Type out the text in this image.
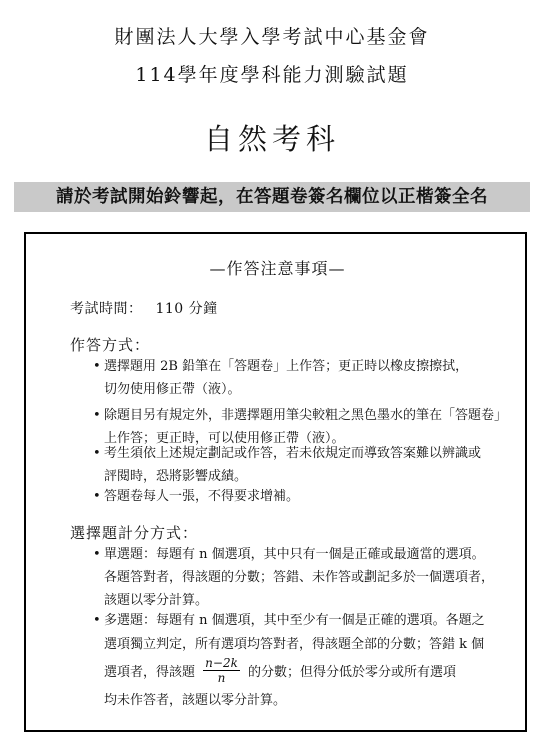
財團法人大學入學考試中心基金會
114學年度學科能力測驗試題
自然考科
請於考試開始鈴響起，在答題卷簽名欄位以正楷簽全名
—作答注意事項—
考試時間： 110 分鐘
作答方式：
• 選擇題用 2B 鉛筆在「答題卷」上作答；更正時以橡皮擦擦拭，
切勿使用修正帶（液）。
• 除題目另有規定外，非選擇題用筆尖較粗之黑色墨水的筆在「答題卷」
上作答；更正時，可以使用修正帶（液）。
• 考生須依上述規定劃記或作答，若未依規定而導致答案難以辨識或
評閱時，恐將影響成績。
• 答題卷每人一張，不得要求增補。
選擇題計分方式：
• 單選題：每題有 n 個選項，其中只有一個是正確或最適當的選項。
各題答對者，得該題的分數；答錯、未作答或劃記多於一個選項者，
該題以零分計算。
• 多選題：每題有 n 個選項，其中至少有一個是正確的選項。各題之
選項獨立判定，所有選項均答對者，得該題全部的分數；答錯 k 個
選項者，得該題 $\frac{n-2k}{n}$ 的分數；但得分低於零分或所有選項
均未作答者，該題以零分計算。
